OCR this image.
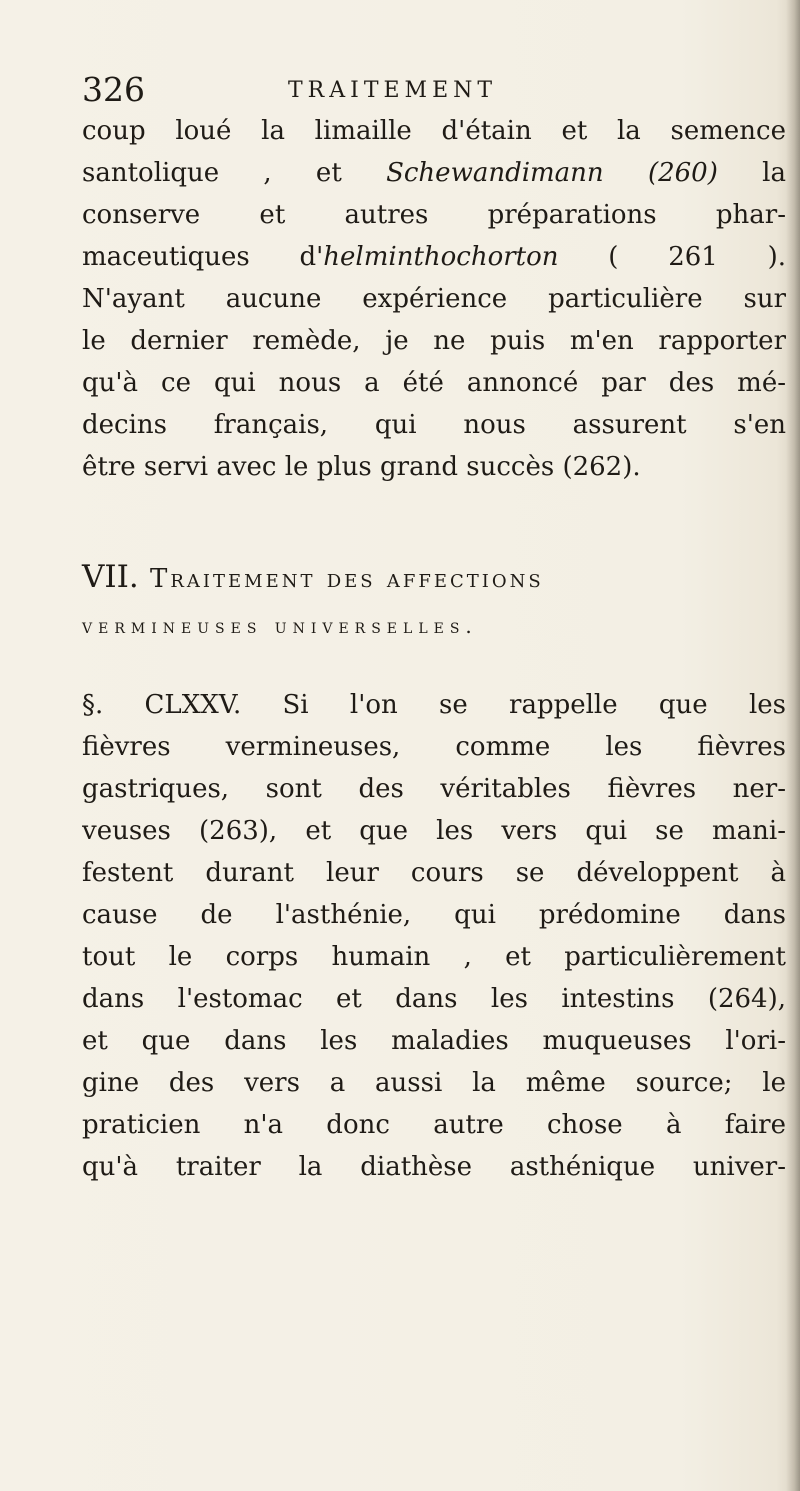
326	TRAITEMENT
coup loué la limaille d'étain et la semence
santolique , et Schewandimann (260) la
conserve et autres préparations phar-
maceutiques d'helminthochorton ( 261 ).
N'ayant aucune expérience particulière sur
le dernier remède, je ne puis m'en rapporter
qu'à ce qui nous a été annoncé par des mé-
decins français, qui nous assurent s'en
être servi avec le plus grand succès (262).
VII. Traitement des affections
vermineuses universelles.
§. CLXXV. Si l'on se rappelle que les
fièvres vermineuses, comme les fièvres
gastriques, sont des véritables fièvres ner-
veuses (263), et que les vers qui se mani-
festent durant leur cours se développent à
cause de l'asthénie, qui prédomine dans
tout le corps humain , et particulièrement
dans l'estomac et dans les intestins (264),
et que dans les maladies muqueuses l'ori-
gine des vers a aussi la même source; le
praticien n'a donc autre chose à faire
qu'à traiter la diathèse asthénique univer-
